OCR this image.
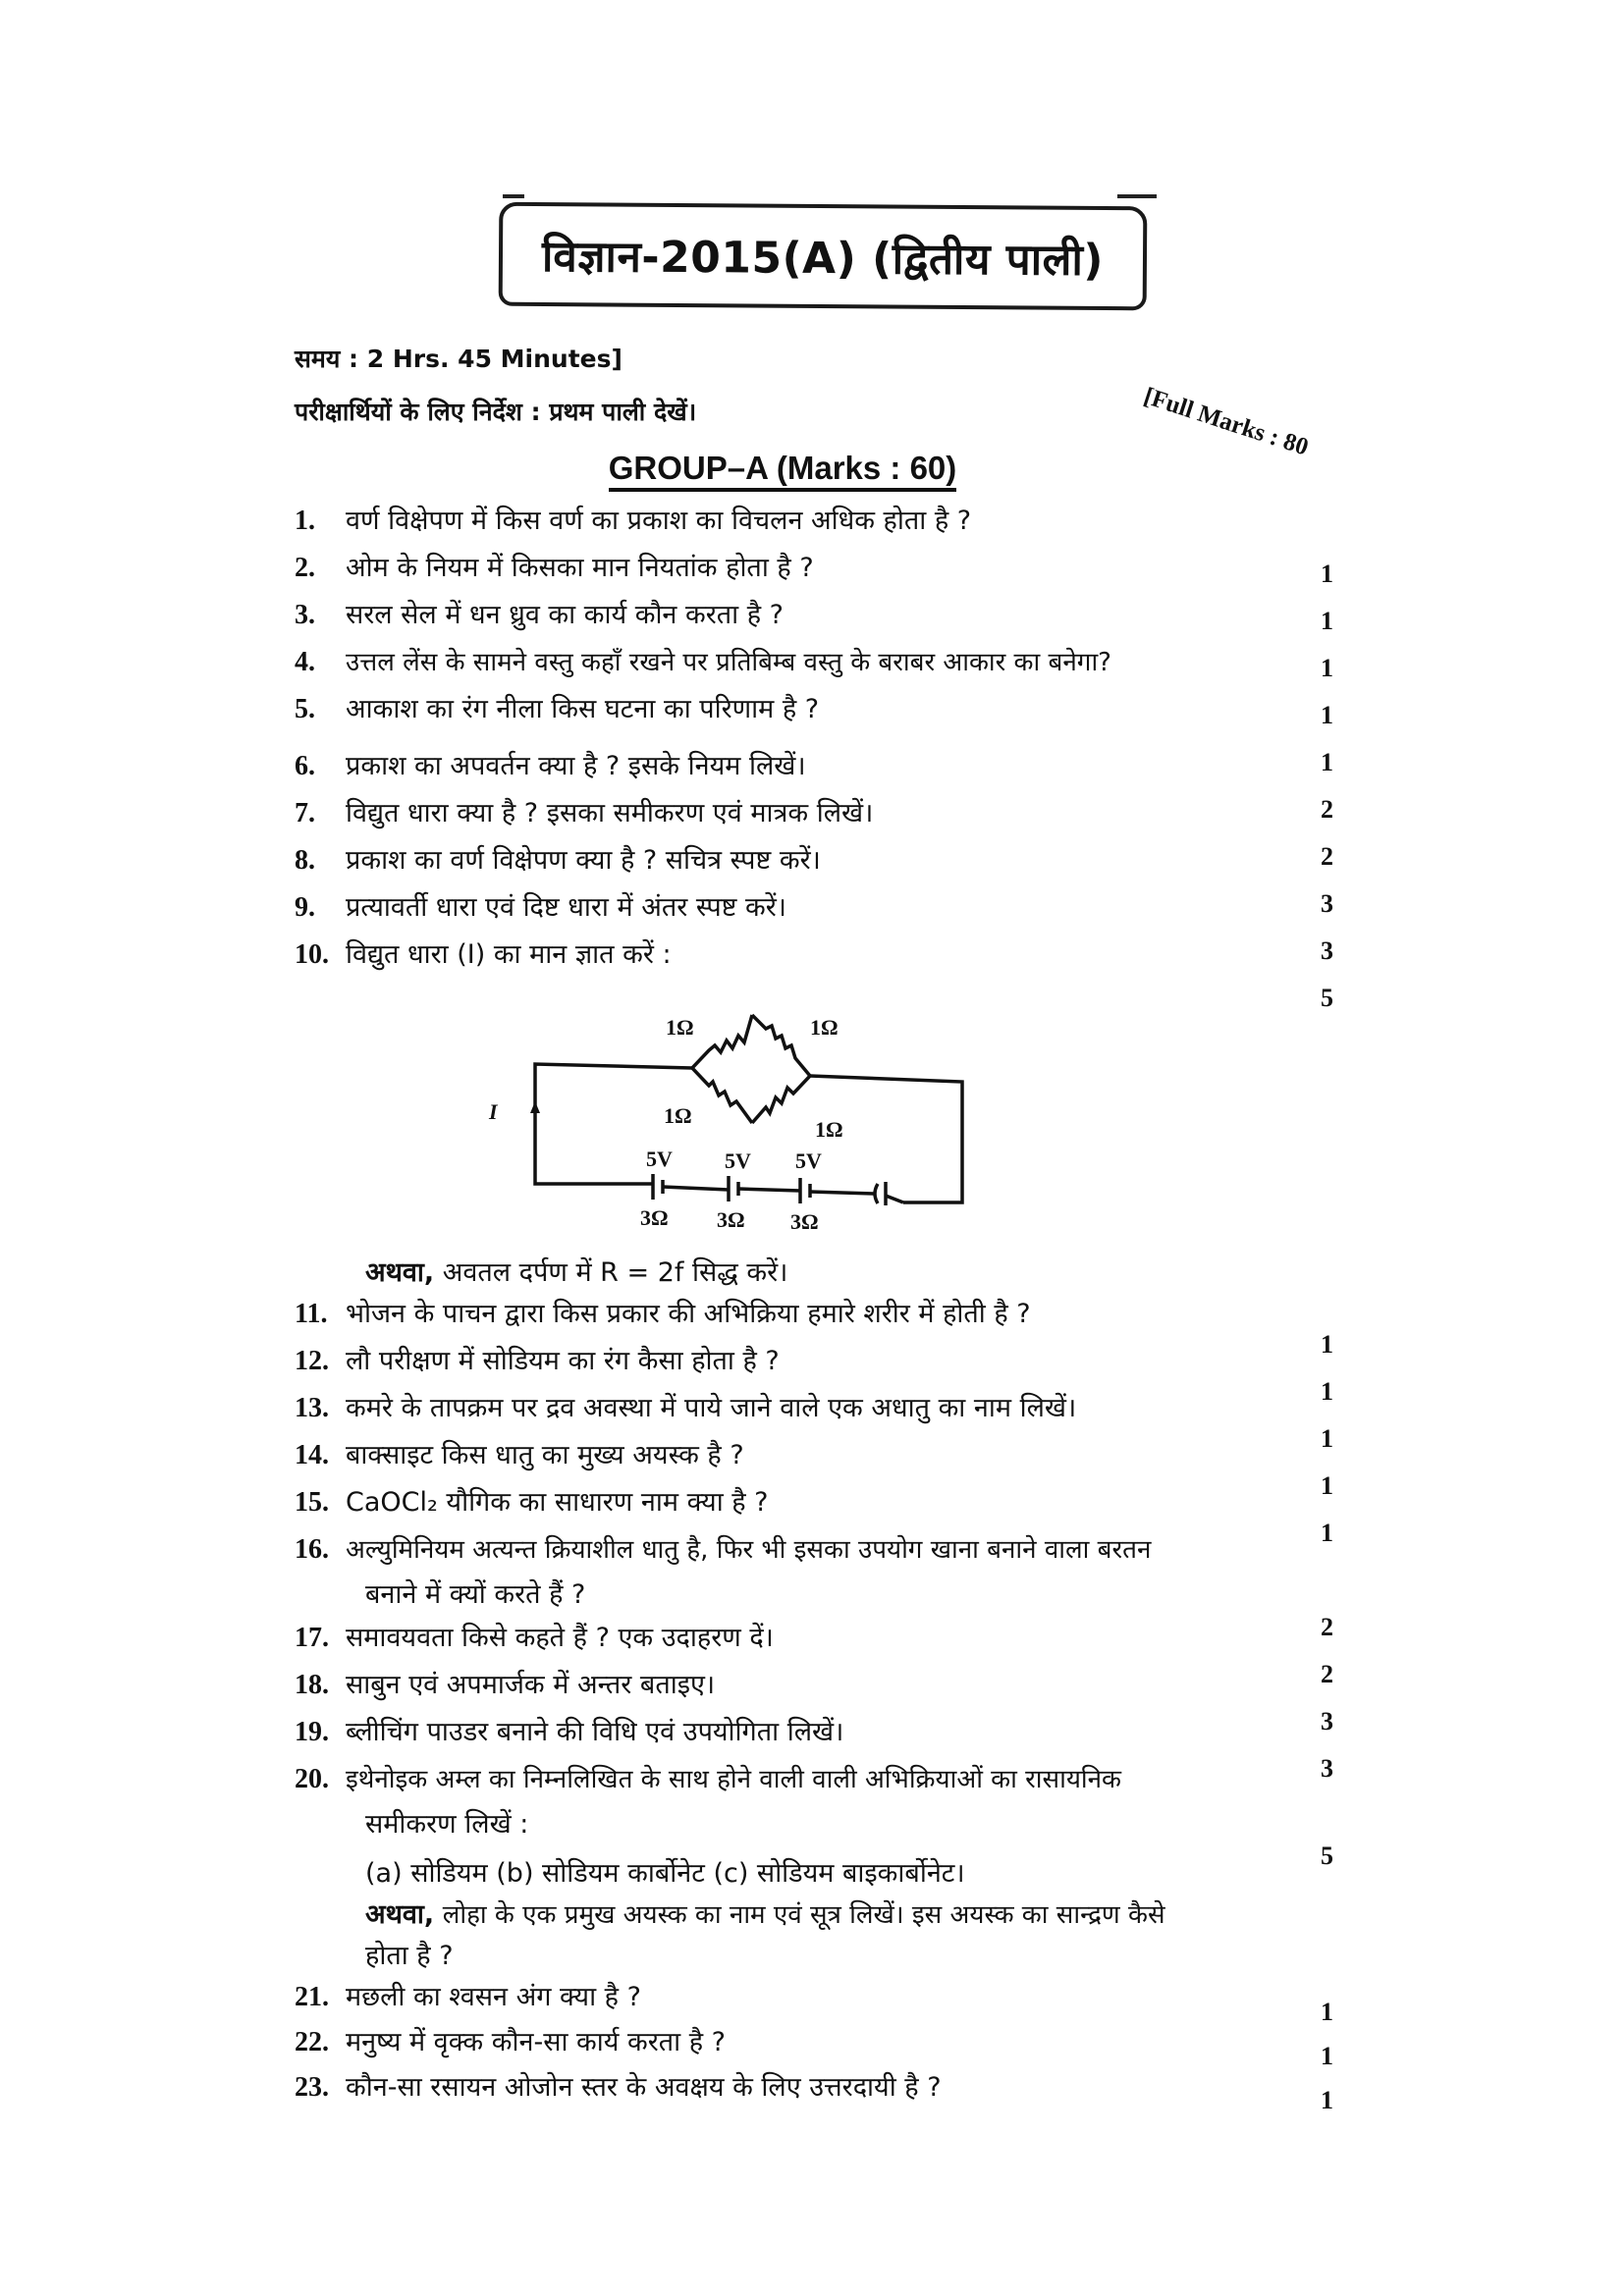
विज्ञान-2015(A) (द्वितीय पाली)
समय : 2 Hrs. 45 Minutes]
परीक्षार्थियों के लिए निर्देश : प्रथम पाली देखें।	[Full Marks : 80
GROUP–A (Marks : 60)
1. वर्ण विक्षेपण में किस वर्ण का प्रकाश का विचलन अधिक होता है ?
2. ओम के नियम में किसका मान नियतांक होता है ?
3. सरल सेल में धन ध्रुव का कार्य कौन करता है ?
4. उत्तल लेंस के सामने वस्तु कहाँ रखने पर प्रतिबिम्ब वस्तु के बराबर आकार का बनेगा?
5. आकाश का रंग नीला किस घटना का परिणाम है ?
6. प्रकाश का अपवर्तन क्या है ? इसके नियम लिखें।
7. विद्युत धारा क्या है ? इसका समीकरण एवं मात्रक लिखें।
8. प्रकाश का वर्ण विक्षेपण क्या है ? सचित्र स्पष्ट करें।
9. प्रत्यावर्ती धारा एवं दिष्ट धारा में अंतर स्पष्ट करें।
10. विद्युत धारा (I) का मान ज्ञात करें :
I
1Ω	1Ω
1Ω
1Ω
5V 5V 5V
3Ω 3Ω 3Ω
अथवा, अवतल दर्पण में R = 2f सिद्ध करें।
11. भोजन के पाचन द्वारा किस प्रकार की अभिक्रिया हमारे शरीर में होती है ?
12. लौ परीक्षण में सोडियम का रंग कैसा होता है ?
13. कमरे के तापक्रम पर द्रव अवस्था में पाये जाने वाले एक अधातु का नाम लिखें।
14. बाक्साइट किस धातु का मुख्य अयस्क है ?
15. CaOCl₂ यौगिक का साधारण नाम क्या है ?
16. अल्युमिनियम अत्यन्त क्रियाशील धातु है, फिर भी इसका उपयोग खाना बनाने वाला बरतन
बनाने में क्यों करते हैं ?
17. समावयवता किसे कहते हैं ? एक उदाहरण दें।
18. साबुन एवं अपमार्जक में अन्तर बताइए।
19. ब्लीचिंग पाउडर बनाने की विधि एवं उपयोगिता लिखें।
20. इथेनोइक अम्ल का निम्नलिखित के साथ होने वाली वाली अभिक्रियाओं का रासायनिक
समीकरण लिखें :
(a) सोडियम (b) सोडियम कार्बोनेट (c) सोडियम बाइकार्बोनेट।
अथवा, लोहा के एक प्रमुख अयस्क का नाम एवं सूत्र लिखें। इस अयस्क का सान्द्रण कैसे
होता है ?
21. मछली का श्वसन अंग क्या है ?
22. मनुष्य में वृक्क कौन-सा कार्य करता है ?
23. कौन-सा रसायन ओजोन स्तर के अवक्षय के लिए उत्तरदायी है ?
1
1
1
1
1
2
2
3
3
5
1
1
1
1
1
2
2
3
3
5
1
1
1
